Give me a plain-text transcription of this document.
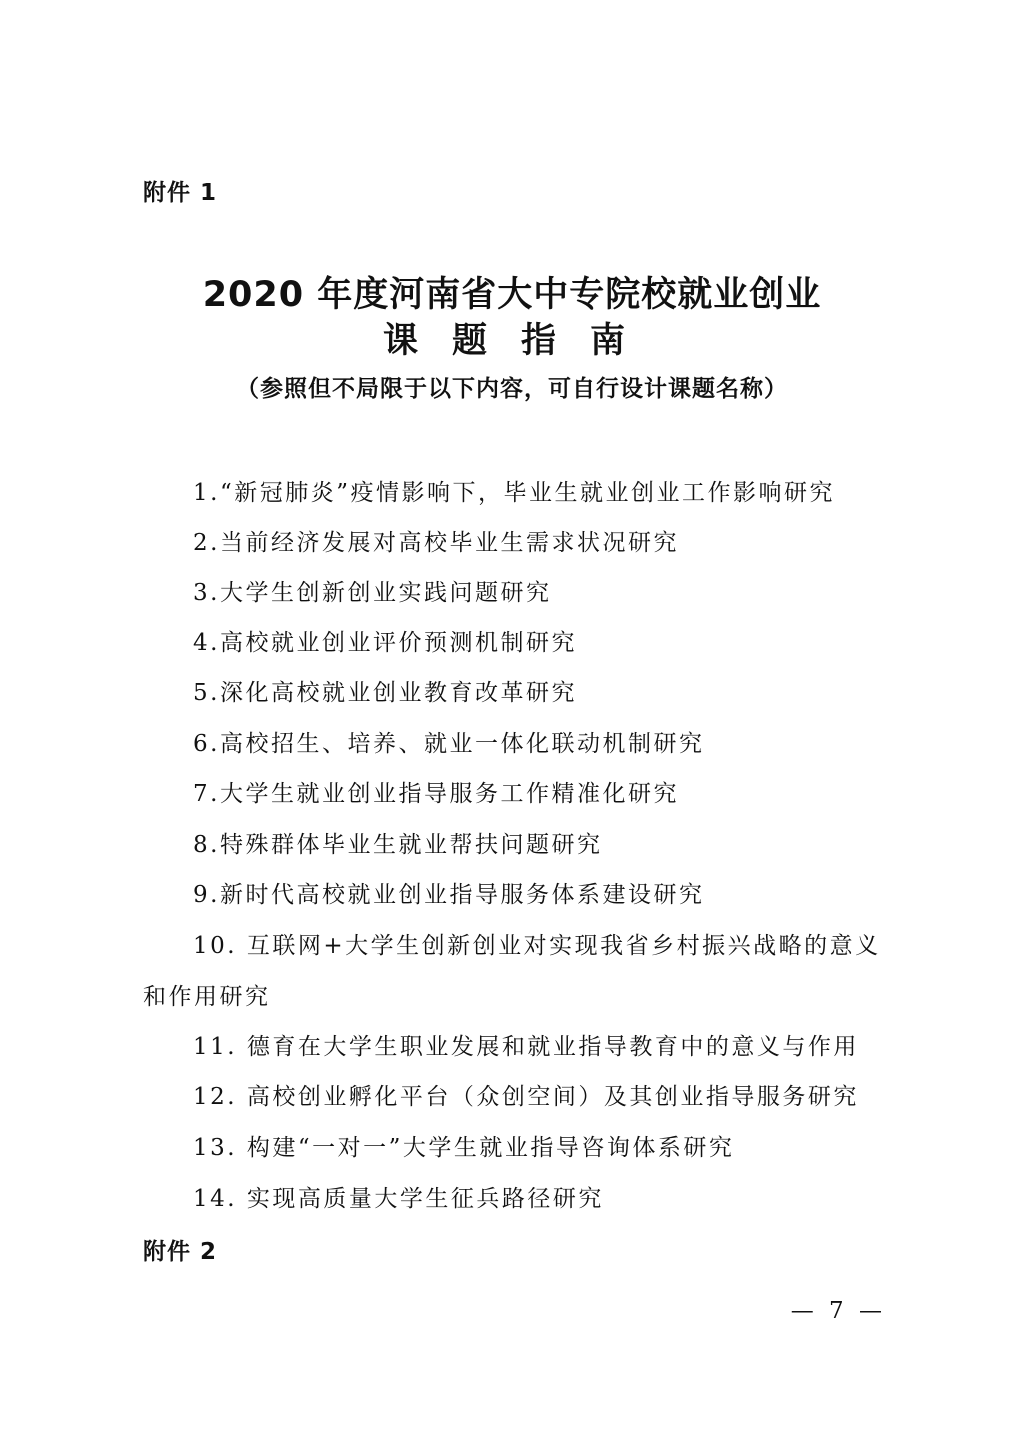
附件 1
2020 年度河南省大中专院校就业创业
课题指南
（参照但不局限于以下内容，可自行设计课题名称）
1.“新冠肺炎”疫情影响下，毕业生就业创业工作影响研究
2.当前经济发展对高校毕业生需求状况研究
3.大学生创新创业实践问题研究
4.高校就业创业评价预测机制研究
5.深化高校就业创业教育改革研究
6.高校招生、培养、就业一体化联动机制研究
7.大学生就业创业指导服务工作精准化研究
8.特殊群体毕业生就业帮扶问题研究
9.新时代高校就业创业指导服务体系建设研究
10. 互联网+大学生创新创业对实现我省乡村振兴战略的意义
和作用研究
11. 德育在大学生职业发展和就业指导教育中的意义与作用
12. 高校创业孵化平台（众创空间）及其创业指导服务研究
13. 构建“一对一”大学生就业指导咨询体系研究
14. 实现高质量大学生征兵路径研究
附件 2
— 7 —
